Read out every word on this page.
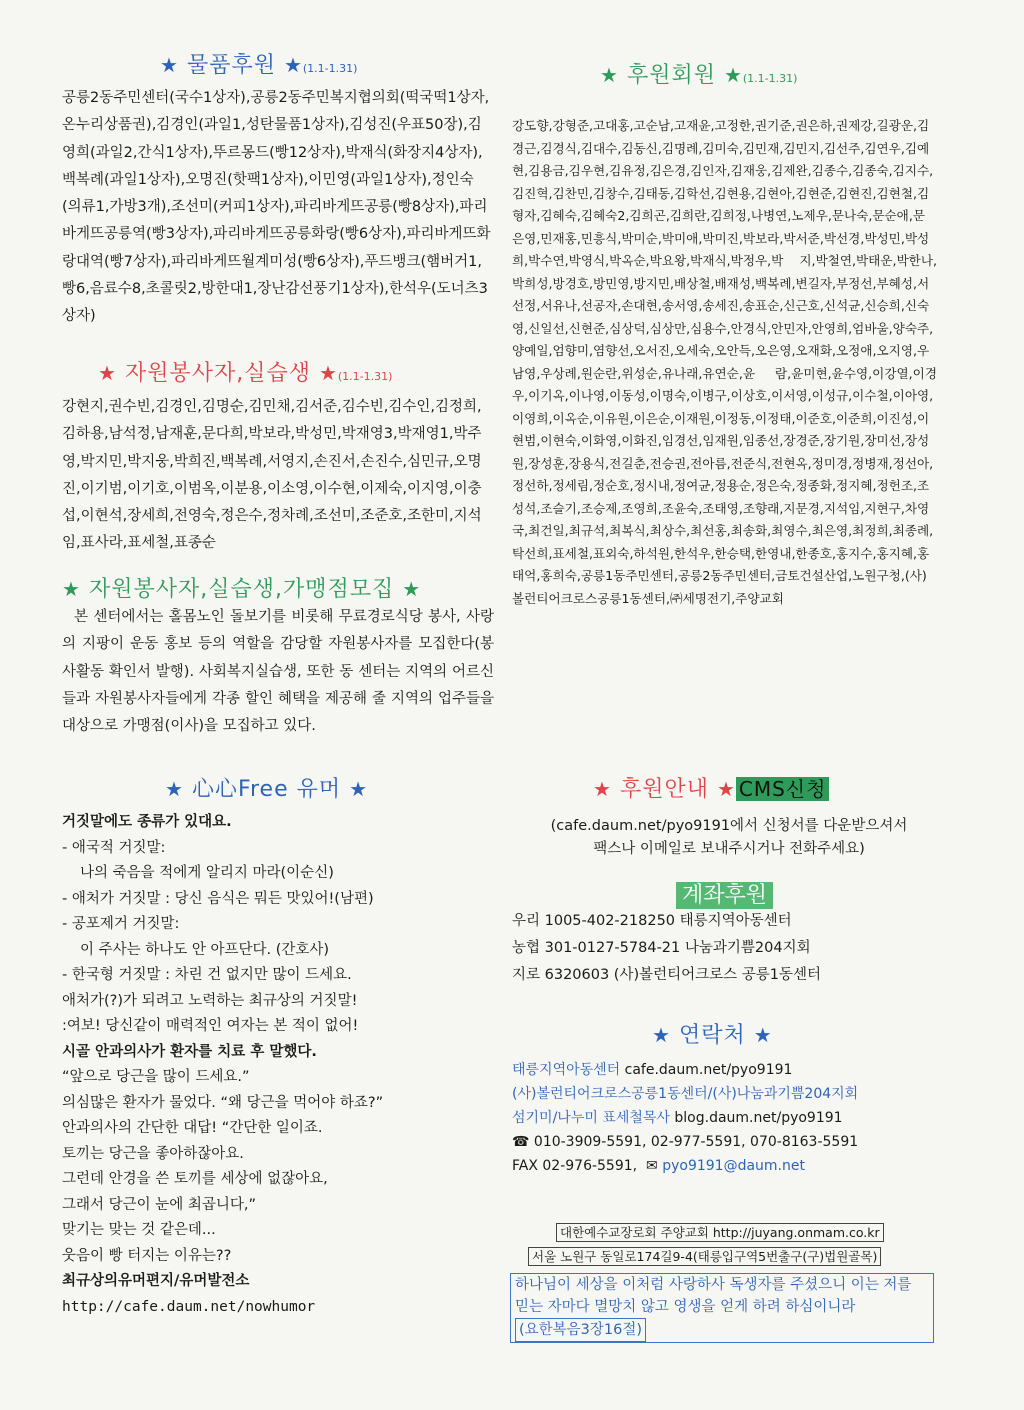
★ 물품후원 ★(1.1-1.31)
공릉2동주민센터(국수1상자),공릉2동주민복지협의회(떡국떡1상자,온누리상품권),김경인(과일1,성탄물품1상자),김성진(우표50장),김영희(과일2,간식1상자),뚜르몽드(빵12상자),박재식(화장지4상자),백복례(과일1상자),오명진(핫팩1상자),이민영(과일1상자),정인숙(의류1,가방3개),조선미(커피1상자),파리바게뜨공릉(빵8상자),파리바게뜨공릉역(빵3상자),파리바게뜨공릉화랑(빵6상자),파리바게뜨화랑대역(빵7상자),파리바게뜨월계미성(빵6상자),푸드뱅크(햄버거1,빵6,음료수8,초콜릿2,방한대1,장난감선풍기1상자),한석우(도너츠3상자)
★ 자원봉사자,실습생 ★(1.1-1.31)
강현지,권수빈,김경인,김명순,김민채,김서준,김수빈,김수인,김정희,김하용,남석정,남재훈,문다희,박보라,박성민,박재영3,박재영1,박주영,박지민,박지웅,박희진,백복례,서영지,손진서,손진수,심민규,오명진,이기범,이기호,이범옥,이분용,이소영,이수현,이제숙,이지영,이충섭,이현석,장세희,전영숙,정은수,정차례,조선미,조준호,조한미,지석임,표사라,표세철,표종순
★ 자원봉사자,실습생,가맹점모집 ★
본 센터에서는 홀몸노인 돌보기를 비롯해 무료경로식당 봉사, 사랑의 지팡이 운동 홍보 등의 역할을 감당할 자원봉사자를 모집한다(봉사활동 확인서 발행). 사회복지실습생, 또한 동 센터는 지역의 어르신들과 자원봉사자들에게 각종 할인 혜택을 제공해 줄 지역의 업주들을 대상으로 가맹점(이사)을 모집하고 있다.
★ 心心Free 유머 ★
거짓말에도 종류가 있대요.
- 애국적 거짓말:
나의 죽음을 적에게 알리지 마라(이순신)
- 애처가 거짓말 : 당신 음식은 뭐든 맛있어!(남편)
- 공포제거 거짓말:
이 주사는 하나도 안 아프단다. (간호사)
- 한국형 거짓말 : 차린 건 없지만 많이 드세요.
애처가(?)가 되려고 노력하는 최규상의 거짓말!
:여보! 당신같이 매력적인 여자는 본 적이 없어!
시골 안과의사가 환자를 치료 후 말했다.
“앞으로 당근을 많이 드세요.”
의심많은 환자가 물었다. “왜 당근을 먹어야 하죠?”
안과의사의 간단한 대답! “간단한 일이죠.
토끼는 당근을 좋아하잖아요.
그런데 안경을 쓴 토끼를 세상에 없잖아요,
그래서 당근이 눈에 최곱니다,”
맞기는 맞는 것 같은데...
웃음이 빵 터지는 이유는??
최규상의유머편지/유머발전소
http://cafe.daum.net/nowhumor
★ 후원회원 ★(1.1-1.31)
강도향,강형준,고대홍,고순남,고재윤,고정한,권기준,권은하,권제강,길광운,김경근,김경식,김대수,김동신,김명례,김미숙,김민재,김민지,김선주,김연우,김예현,김용금,김우현,김유정,김은경,김인자,김재웅,김제완,김종수,김종숙,김지수,김진혁,김찬민,김창수,김태동,김학선,김현용,김현아,김현준,김현진,김현철,김형자,김혜숙,김혜숙2,김희곤,김희란,김희정,나병연,노제우,문나숙,문순애,문은영,민재홍,민흥식,박미순,박미애,박미진,박보라,박서준,박선경,박성민,박성희,박수연,박영식,박옥순,박요왕,박재식,박정우,박 지,박철연,박태운,박한나,박희성,방경호,방민영,방지민,배상철,배재성,백복례,변길자,부정선,부혜성,서선정,서유나,선공자,손대현,송서영,송세진,송표순,신근호,신석균,신승희,신숙영,신일선,신현준,심상덕,심상만,심용수,안경식,안민자,안영희,엄바울,양숙주,양예일,엄향미,염향선,오서진,오세숙,오안득,오은영,오재화,오정애,오지영,우남영,우상례,원순란,위성순,유나래,유연순,윤 람,윤미현,윤수영,이강열,이경우,이기옥,이나영,이동성,이명숙,이병구,이상호,이서영,이성규,이수철,이아영,이영희,이옥순,이유원,이은순,이재원,이정동,이정태,이준호,이준희,이진성,이현범,이현숙,이화영,이화진,임경선,임재원,임종선,장경준,장기원,장미선,장성원,장성훈,장용식,전길춘,전승권,전아름,전준식,전현옥,정미경,정병재,정선아,정선하,정세림,정순호,정시내,정여균,정용순,정은숙,정종화,정지혜,정헌조,조성석,조슬기,조승제,조영희,조윤숙,조태영,조향래,지문경,지석임,지현구,차영국,최건일,최규석,최복식,최상수,최선홍,최송화,최영수,최은영,최정희,최종례,탁선희,표세철,표외숙,하석원,한석우,한승택,한영내,한종호,홍지수,홍지혜,홍태억,홍희숙,공릉1동주민센터,공릉2동주민센터,금토건설산업,노원구청,(사)볼런티어크로스공릉1동센터,㈜세명전기,주양교회
★ 후원안내 ★ CMS신청
(cafe.daum.net/pyo9191에서 신청서를 다운받으셔서
팩스나 이메일로 보내주시거나 전화주세요)
계좌후원
우리 1005-402-218250 태릉지역아동센터
농협 301-0127-5784-21 나눔과기쁨204지회
지로 6320603 (사)볼런티어크로스 공릉1동센터
★ 연락처 ★
태릉지역아동센터 cafe.daum.net/pyo9191
(사)볼런티어크로스공릉1동센터/(사)나눔과기쁨204지회
섬기미/나누미 표세철목사 blog.daum.net/pyo9191
☎ 010-3909-5591, 02-977-5591, 070-8163-5591
FAX 02-976-5591, ✉ pyo9191@daum.net
대한예수교장로회 주양교회 http://juyang.onmam.co.kr
서울 노원구 동일로174길9-4(태릉입구역5번출구(구)법원골목)
하나님이 세상을 이처럼 사랑하사 독생자를 주셨으니 이는 저를 믿는 자마다 멸망치 않고 영생을 얻게 하려 하심이니라 (요한복음3장16절)
